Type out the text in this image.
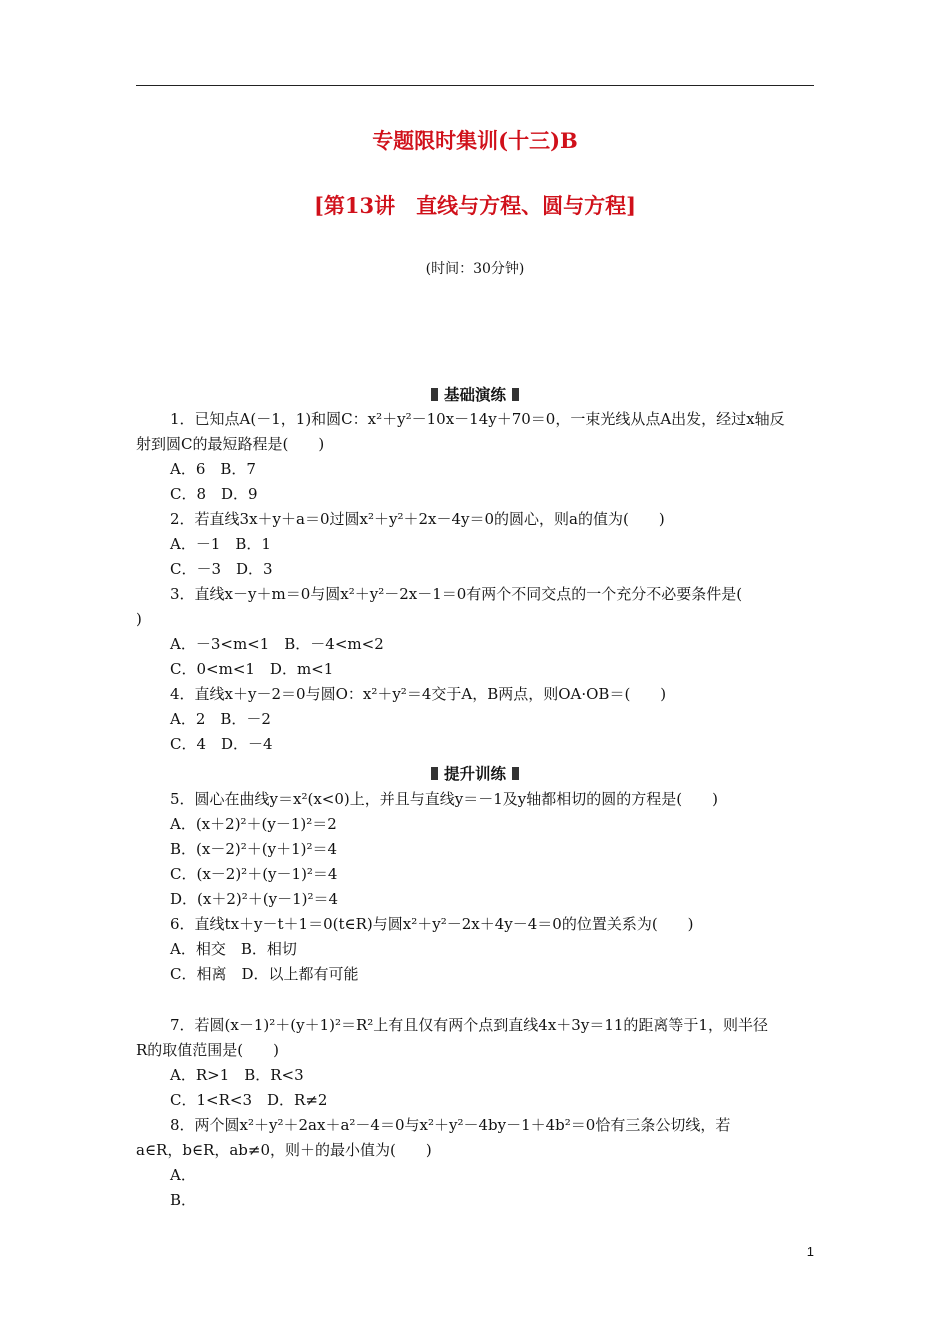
专题限时集训(十三)B
[第13讲　直线与方程、圆与方程]
(时间：30分钟)
基础演练
1．已知点A(－1，1)和圆C：x²＋y²－10x－14y＋70＝0，一束光线从点A出发，经过x轴反
射到圆C的最短路程是(　　)
A．6　B．7
C．8　D．9
2．若直线3x＋y＋a＝0过圆x²＋y²＋2x－4y＝0的圆心，则a的值为(　　)
A．－1　B．1
C．－3　D．3
3．直线x－y＋m＝0与圆x²＋y²－2x－1＝0有两个不同交点的一个充分不必要条件是(
)
A．－3<m<1　B．－4<m<2
C．0<m<1　D．m<1
4．直线x＋y－2＝0与圆O：x²＋y²＝4交于A，B两点，则OA·OB＝(　　)
A．2　B．－2
C．4　D．－4
提升训练
5．圆心在曲线y＝x²(x<0)上，并且与直线y＝－1及y轴都相切的圆的方程是(　　)
A．(x＋2)²＋(y－1)²＝2
B．(x－2)²＋(y＋1)²＝4
C．(x－2)²＋(y－1)²＝4
D．(x＋2)²＋(y－1)²＝4
6．直线tx＋y－t＋1＝0(t∈R)与圆x²＋y²－2x＋4y－4＝0的位置关系为(　　)
A．相交　B．相切
C．相离　D．以上都有可能
7．若圆(x－1)²＋(y＋1)²＝R²上有且仅有两个点到直线4x＋3y＝11的距离等于1，则半径
R的取值范围是(　　)
A．R>1　B．R<3
C．1<R<3　D．R≠2
8．两个圆x²＋y²＋2ax＋a²－4＝0与x²＋y²－4by－1＋4b²＝0恰有三条公切线，若
a∈R，b∈R，ab≠0，则＋的最小值为(　　)
A．
B．
1
